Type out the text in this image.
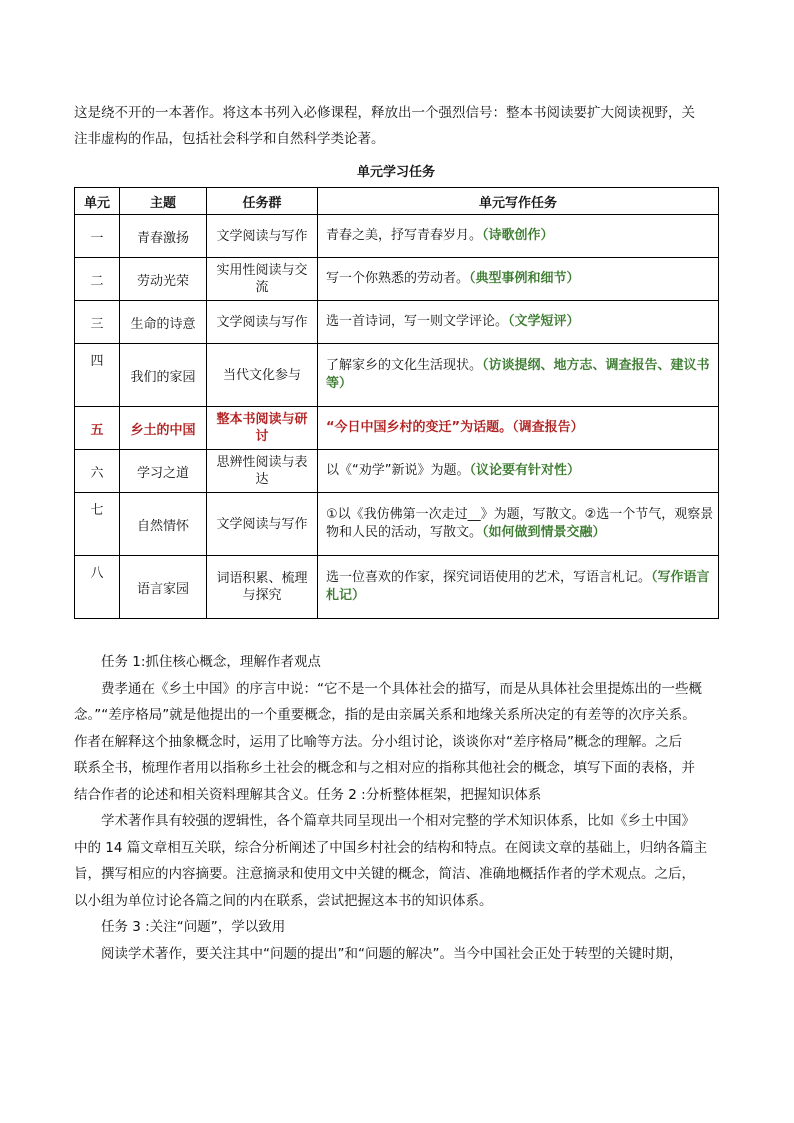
这是绕不开的一本著作。将这本书列入必修课程，释放出一个强烈信号：整本书阅读要扩大阅读视野，关
注非虚构的作品，包括社会科学和自然科学类论著。
单元学习任务
单元	主题	任务群	单元写作任务
一	青春激扬	文学阅读与写作	青春之美，抒写青春岁月。（诗歌创作）
二	劳动光荣	实用性阅读与交流	写一个你熟悉的劳动者。（典型事例和细节）
三	生命的诗意	文学阅读与写作	选一首诗词，写一则文学评论。（文学短评）
四	我们的家园	当代文化参与	了解家乡的文化生活现状。（访谈提纲、地方志、调查报告、建议书等）
五	乡土的中国	整本书阅读与研讨	“今日中国乡村的变迁”为话题。（调查报告）
六	学习之道	思辨性阅读与表达	以《“劝学”新说》为题。（议论要有针对性）
七	自然情怀	文学阅读与写作	①以《我仿佛第一次走过__》为题，写散文。②选一个节气，观察景物和人民的活动，写散文。（如何做到情景交融）
八	语言家园	词语积累、梳理与探究	选一位喜欢的作家，探究词语使用的艺术，写语言札记。（写作语言札记）
任务 1:抓住核心概念，理解作者观点
费孝通在《乡土中国》的序言中说：“它不是一个具体社会的描写，而是从具体社会里提炼出的一些概
念。”“差序格局”就是他提出的一个重要概念，指的是由亲属关系和地缘关系所决定的有差等的次序关系。
作者在解释这个抽象概念时，运用了比喻等方法。分小组讨论，谈谈你对“差序格局”概念的理解。之后
联系全书，梳理作者用以指称乡土社会的概念和与之相对应的指称其他社会的概念，填写下面的表格，并
结合作者的论述和相关资料理解其含义。任务 2 :分析整体框架，把握知识体系
学术著作具有较强的逻辑性，各个篇章共同呈现出一个相对完整的学术知识体系，比如《乡土中国》
中的 14 篇文章相互关联，综合分析阐述了中国乡村社会的结构和特点。在阅读文章的基础上，归纳各篇主
旨，撰写相应的内容摘要。注意摘录和使用文中关键的概念，简洁、准确地概括作者的学术观点。之后，
以小组为单位讨论各篇之间的内在联系，尝试把握这本书的知识体系。
任务 3 :关注“问题”，学以致用
阅读学术著作，要关注其中“问题的提出”和“问题的解决”。当今中国社会正处于转型的关键时期，
